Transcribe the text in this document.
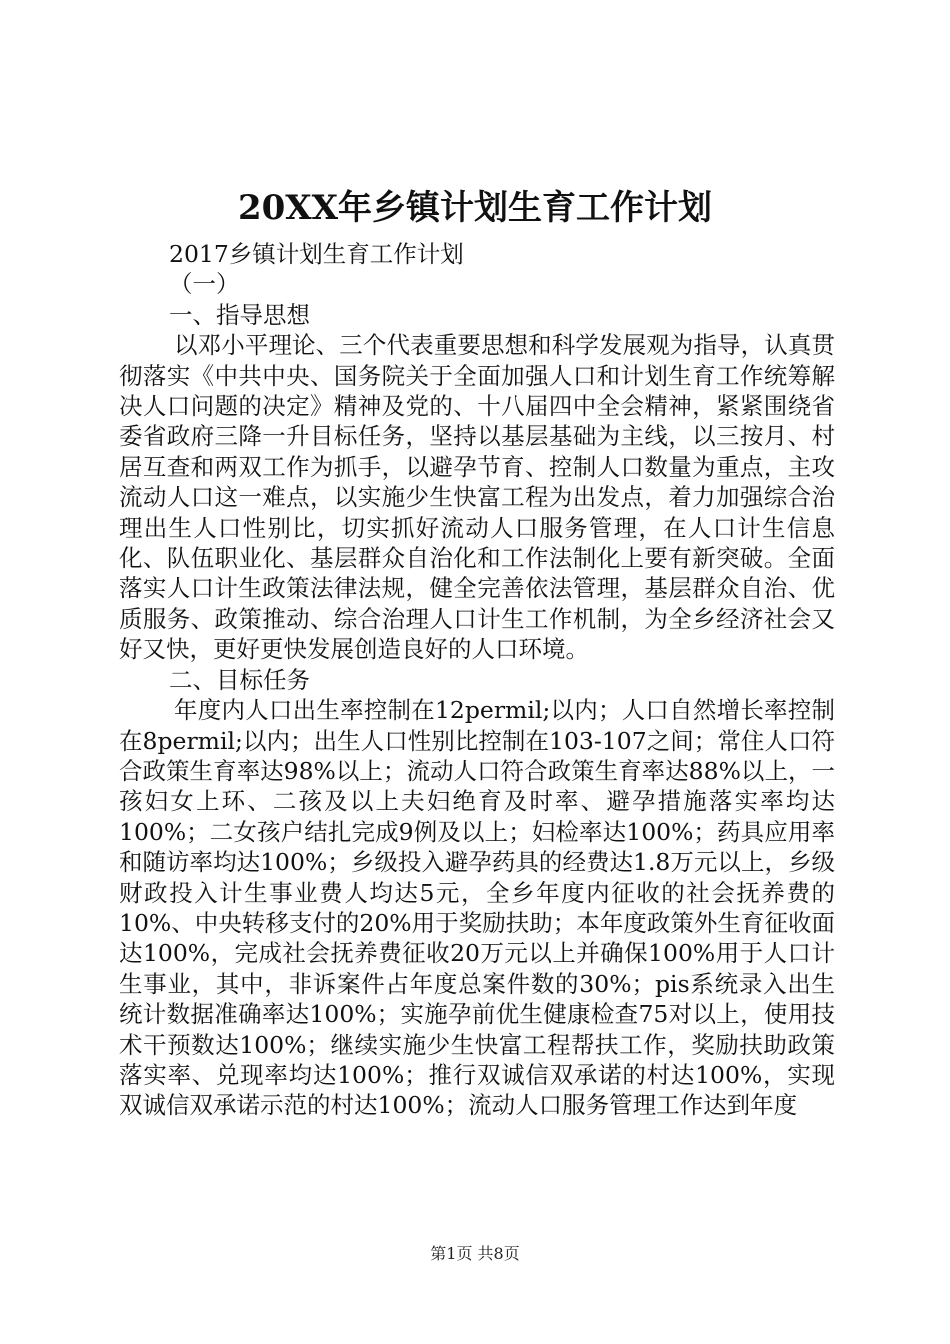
20XX年乡镇计划生育工作计划

2017乡镇计划生育工作计划

（一）

一、指导思想

以邓小平理论、三个代表重要思想和科学发展观为指导，认真贯彻落实《中共中央、国务院关于全面加强人口和计划生育工作统筹解决人口问题的决定》精神及党的、十八届四中全会精神，紧紧围绕省委省政府三降一升目标任务，坚持以基层基础为主线，以三按月、村居互查和两双工作为抓手，以避孕节育、控制人口数量为重点，主攻流动人口这一难点，以实施少生快富工程为出发点，着力加强综合治理出生人口性别比，切实抓好流动人口服务管理，在人口计生信息化、队伍职业化、基层群众自治化和工作法制化上要有新突破。全面落实人口计生政策法律法规，健全完善依法管理，基层群众自治、优质服务、政策推动、综合治理人口计生工作机制，为全乡经济社会又好又快，更好更快发展创造良好的人口环境。

二、目标任务

年度内人口出生率控制在12permil;以内；人口自然增长率控制在8permil;以内；出生人口性别比控制在103-107之间；常住人口符合政策生育率达98%以上；流动人口符合政策生育率达88%以上，一孩妇女上环、二孩及以上夫妇绝育及时率、避孕措施落实率均达100%；二女孩户结扎完成9例及以上；妇检率达100%；药具应用率和随访率均达100%；乡级投入避孕药具的经费达1.8万元以上，乡级财政投入计生事业费人均达5元，全乡年度内征收的社会抚养费的10%、中央转移支付的20%用于奖励扶助；本年度政策外生育征收面达100%，完成社会抚养费征收20万元以上并确保100%用于人口计生事业，其中，非诉案件占年度总案件数的30%；pis系统录入出生统计数据准确率达100%；实施孕前优生健康检查75对以上，使用技术干预数达100%；继续实施少生快富工程帮扶工作，奖励扶助政策落实率、兑现率均达100%；推行双诚信双承诺的村达100%，实现双诚信双承诺示范的村达100%；流动人口服务管理工作达到年度

第1页 共8页
